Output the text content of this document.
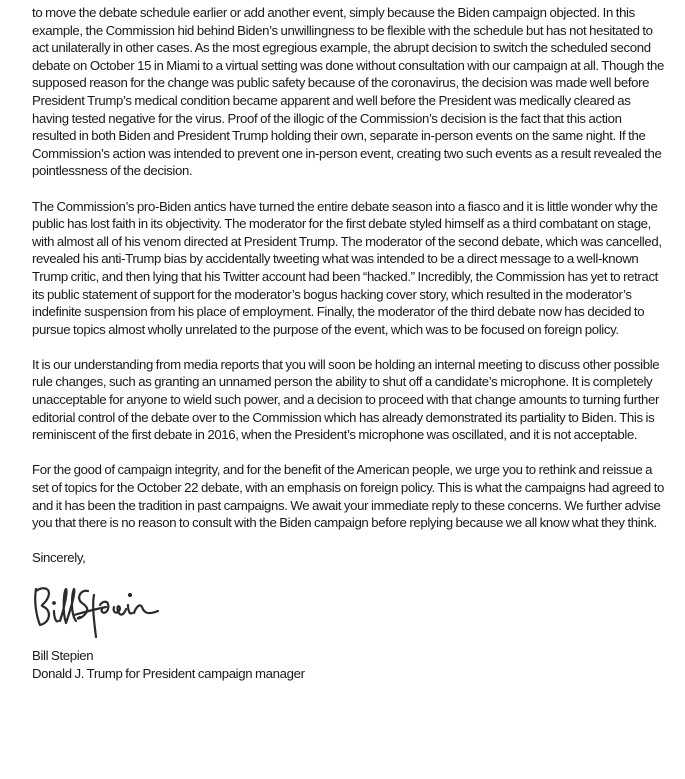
to move the debate schedule earlier or add another event, simply because the Biden campaign objected. In this example, the Commission hid behind Biden’s unwillingness to be flexible with the schedule but has not hesitated to act unilaterally in other cases. As the most egregious example, the abrupt decision to switch the scheduled second debate on October 15 in Miami to a virtual setting was done without consultation with our campaign at all. Though the supposed reason for the change was public safety because of the coronavirus, the decision was made well before President Trump’s medical condition became apparent and well before the President was medically cleared as having tested negative for the virus. Proof of the illogic of the Commission’s decision is the fact that this action resulted in both Biden and President Trump holding their own, separate in-person events on the same night. If the Commission’s action was intended to prevent one in-person event, creating two such events as a result revealed the pointlessness of the decision.

The Commission’s pro-Biden antics have turned the entire debate season into a fiasco and it is little wonder why the public has lost faith in its objectivity. The moderator for the first debate styled himself as a third combatant on stage, with almost all of his venom directed at President Trump. The moderator of the second debate, which was cancelled, revealed his anti-Trump bias by accidentally tweeting what was intended to be a direct message to a well-known Trump critic, and then lying that his Twitter account had been “hacked.” Incredibly, the Commission has yet to retract its public statement of support for the moderator’s bogus hacking cover story, which resulted in the moderator’s indefinite suspension from his place of employment. Finally, the moderator of the third debate now has decided to pursue topics almost wholly unrelated to the purpose of the event, which was to be focused on foreign policy.

It is our understanding from media reports that you will soon be holding an internal meeting to discuss other possible rule changes, such as granting an unnamed person the ability to shut off a candidate’s microphone. It is completely unacceptable for anyone to wield such power, and a decision to proceed with that change amounts to turning further editorial control of the debate over to the Commission which has already demonstrated its partiality to Biden. This is reminiscent of the first debate in 2016, when the President’s microphone was oscillated, and it is not acceptable.

For the good of campaign integrity, and for the benefit of the American people, we urge you to rethink and reissue a set of topics for the October 22 debate, with an emphasis on foreign policy. This is what the campaigns had agreed to and it has been the tradition in past campaigns. We await your immediate reply to these concerns. We further advise you that there is no reason to consult with the Biden campaign before replying because we all know what they think.

Sincerely,

Bill Stepien

Donald J. Trump for President campaign manager
